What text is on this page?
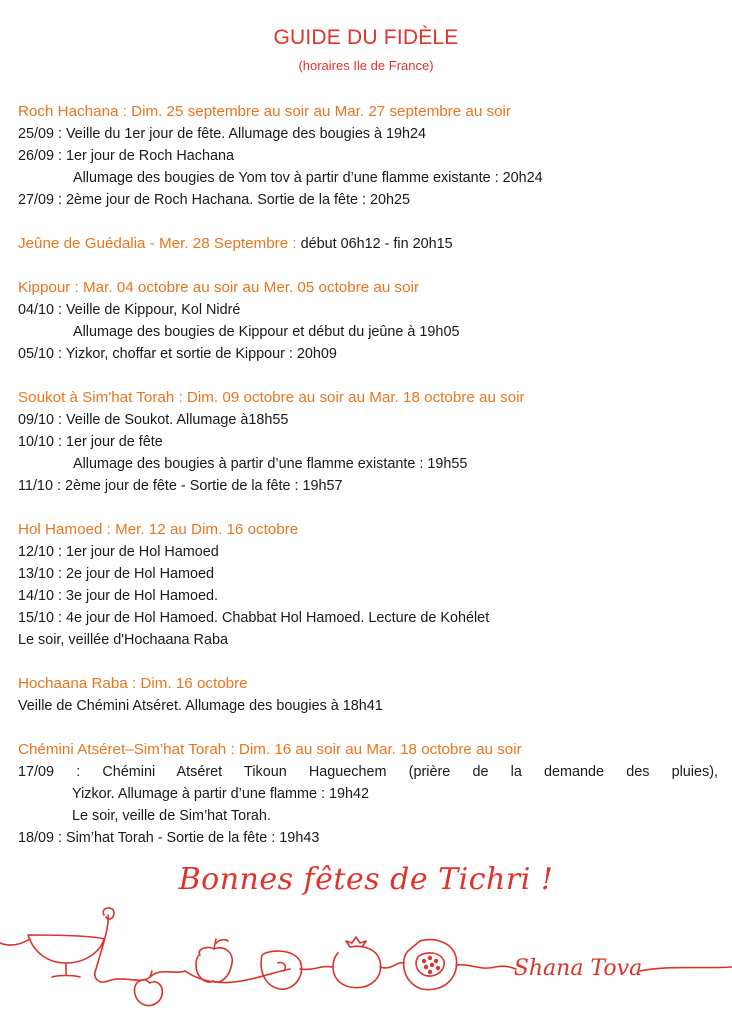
GUIDE DU FIDÈLE
(horaires Ile de France)
Roch Hachana : Dim. 25 septembre au soir au Mar. 27 septembre au soir
25/09 : Veille du 1er jour de fête. Allumage des bougies à 19h24
26/09 : 1er jour de Roch Hachana
Allumage des bougies de Yom tov à partir d’une flamme existante : 20h24
27/09 : 2ème jour de Roch Hachana. Sortie de la fête : 20h25
Jeûne de Guédalia - Mer. 28 Septembre : début 06h12 - fin 20h15
Kippour : Mar. 04 octobre au soir au Mer. 05 octobre au soir
04/10 : Veille de Kippour, Kol Nidré
Allumage des bougies de Kippour et début du jeûne à 19h05
05/10 : Yizkor, choffar et sortie de Kippour : 20h09
Soukot à Sim'hat Torah : Dim. 09 octobre au soir au Mar. 18 octobre au soir
09/10 : Veille de Soukot. Allumage à18h55
10/10 : 1er jour de fête
Allumage des bougies à partir d’une flamme existante : 19h55
11/10 : 2ème jour de fête - Sortie de la fête : 19h57
Hol Hamoed : Mer. 12 au Dim. 16 octobre
12/10 : 1er jour de Hol Hamoed
13/10 : 2e jour de Hol Hamoed
14/10 : 3e jour de Hol Hamoed.
15/10 : 4e jour de Hol Hamoed. Chabbat Hol Hamoed. Lecture de Kohélet
Le soir, veillée d'Hochaana Raba
Hochaana Raba : Dim. 16 octobre
Veille de Chémini Atséret. Allumage des bougies à 18h41
Chémini Atséret–Sim’hat Torah : Dim. 16 au soir au Mar. 18 octobre au soir
17/09 : Chémini Atséret Tikoun Haguechem (prière de la demande des pluies),
Yizkor. Allumage à partir d’une flamme : 19h42
Le soir, veille de Sim’hat Torah.
18/09 : Sim’hat Torah - Sortie de la fête : 19h43
Bonnes fêtes de Tichri !
Shana Tova
